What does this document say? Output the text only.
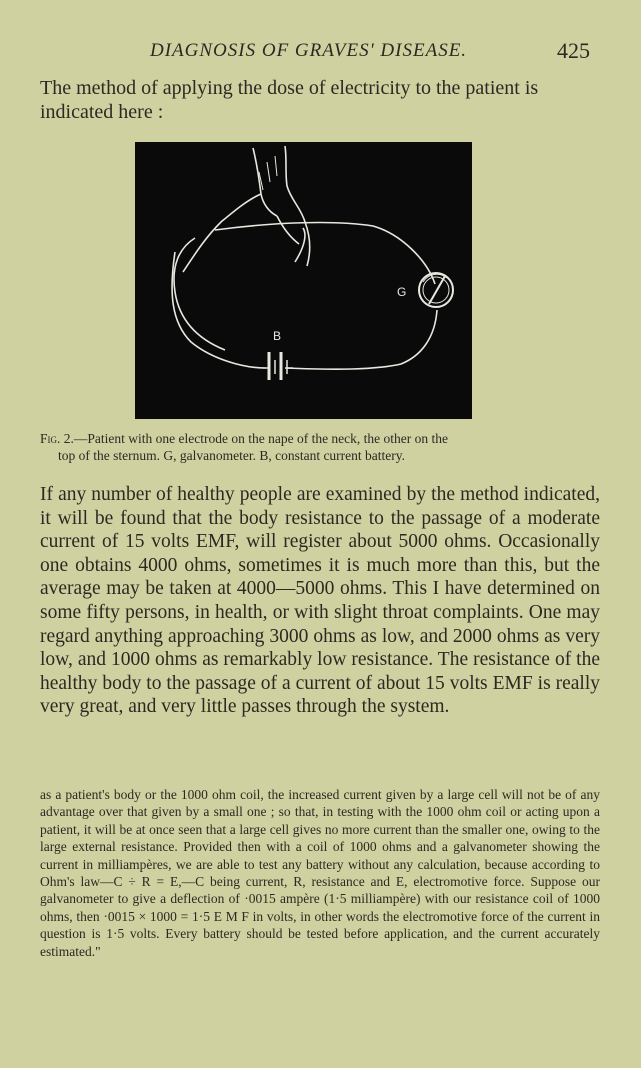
DIAGNOSIS OF GRAVES' DISEASE.	425

The method of applying the dose of electricity to the patient is indicated here :

G
B

Fig. 2.—Patient with one electrode on the nape of the neck, the other on the
top of the sternum. G, galvanometer. B, constant current battery.

If any number of healthy people are examined by the method indicated, it will be found that the body resistance to the passage of a moderate current of 15 volts EMF, will register about 5000 ohms. Occasionally one obtains 4000 ohms, sometimes it is much more than this, but the average may be taken at 4000—5000 ohms. This I have determined on some fifty persons, in health, or with slight throat complaints. One may regard anything approaching 3000 ohms as low, and 2000 ohms as very low, and 1000 ohms as remarkably low resistance. The resistance of the healthy body to the passage of a current of about 15 volts EMF is really very great, and very little passes through the system.

as a patient's body or the 1000 ohm coil, the increased current given by a large cell will not be of any advantage over that given by a small one ; so that, in testing with the 1000 ohm coil or acting upon a patient, it will be at once seen that a large cell gives no more current than the smaller one, owing to the large external resistance. Provided then with a coil of 1000 ohms and a galvanometer showing the current in milliampères, we are able to test any battery without any calculation, because according to Ohm's law—C ÷ R = E,—C being current, R, resistance and E, electromotive force. Suppose our galvanometer to give a deflection of ·0015 ampère (1·5 milliampère) with our resistance coil of 1000 ohms, then ·0015 × 1000 = 1·5 E M F in volts, in other words the electromotive force of the current in question is 1·5 volts. Every battery should be tested before application, and the current accurately estimated."
